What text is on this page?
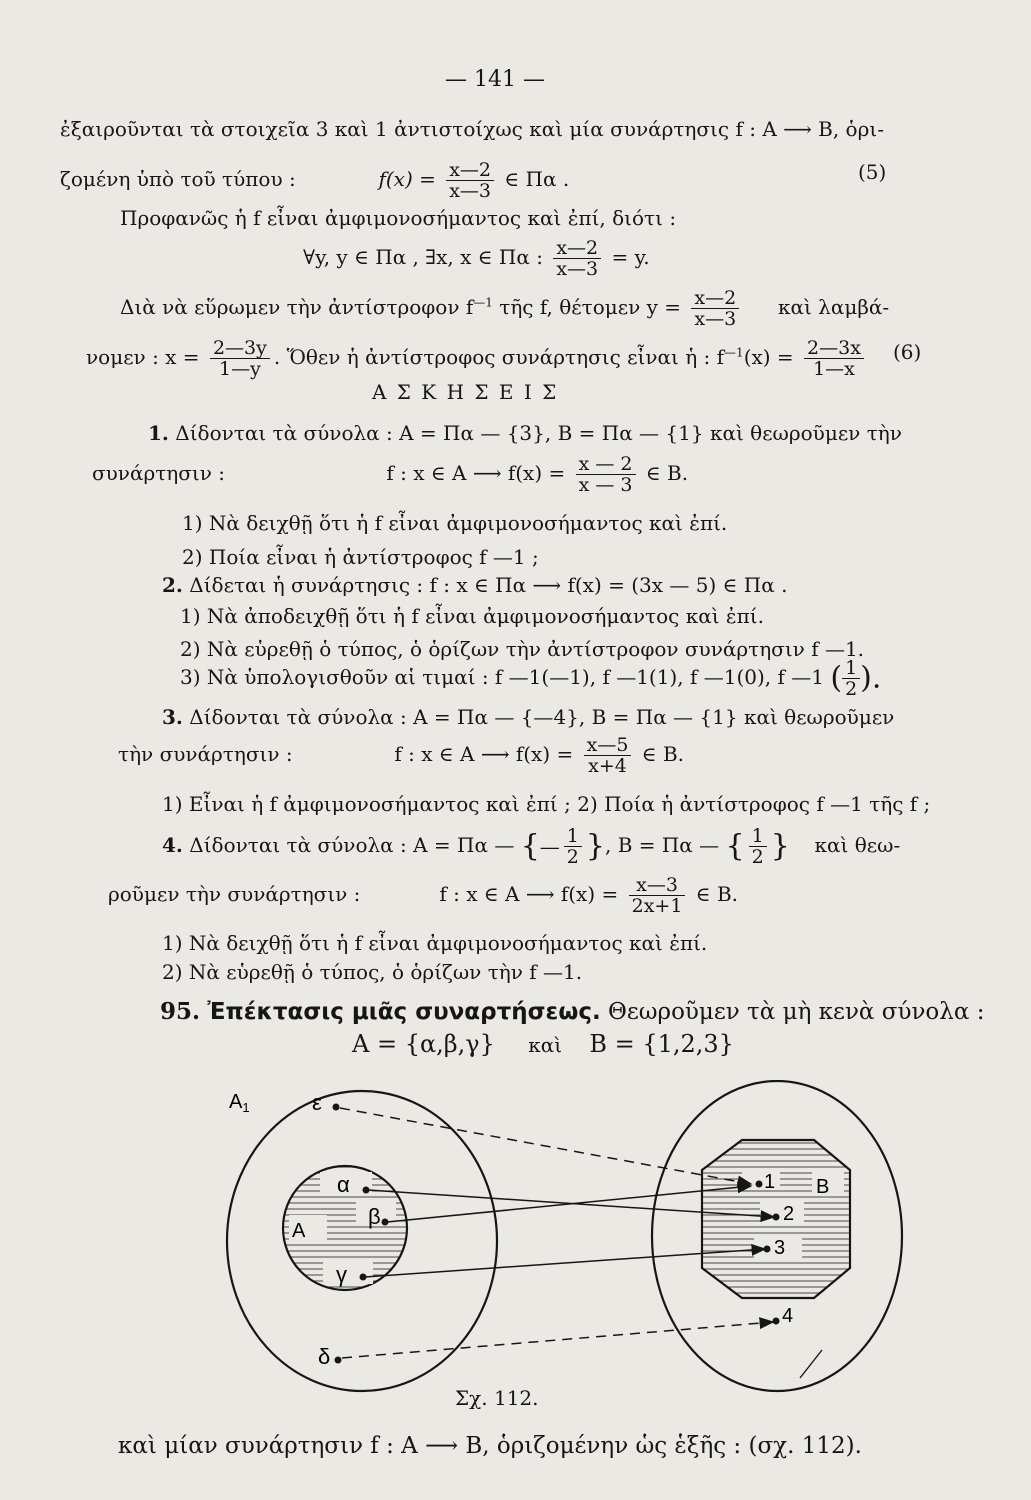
— 141 —
ἐξαιροῦνται τὰ στοιχεῖα 3 καὶ 1 ἀντιστοίχως καὶ μία συνάρτησις f : A ⟶ B, ὁρι-
ζομένη ὑπὸ τοῦ τύπου :	$f(x) = \frac{x—2}{x—3}$ ∈ Πα .	(5)
Προφανῶς ἡ f εἶναι ἀμφιμονοσήμαντος καὶ ἐπί, διότι :
∀y, y ∈ Πα , ∃x, x ∈ Πα : $\frac{x—2}{x—3} = y$.
Διὰ νὰ εὕρωμεν τὴν ἀντίστροφον $f^{—1}$ τῆς f, θέτομεν $y = \frac{x—2}{x—3}$ καὶ λαμβά-
νομεν : $x = \frac{2—3y}{1—y}$ . Ὅθεν ἡ ἀντίστροφος συνάρτησις εἶναι ἡ : $f^{—1}(x) = \frac{2—3x}{1—x} (6)$
Α Σ Κ Η Σ Ε Ι Σ
1. Δίδονται τὰ σύνολα : A = Πα — {3}, B = Πα — {1} καὶ θεωροῦμεν τὴν
συνάρτησιν :	f : x ∈ A ⟶ $f(x) = \frac{x — 2}{x — 3}$ ∈ B.
1) Νὰ δειχθῇ ὅτι ἡ f εἶναι ἀμφιμονοσήμαντος καὶ ἐπί.
2) Ποία εἶναι ἡ ἀντίστροφος f —1 ;
2. Δίδεται ἡ συνάρτησις : f : x ∈ Πα ⟶ f(x) = (3x — 5) ∈ Πα .
1) Νὰ ἀποδειχθῇ ὅτι ἡ f εἶναι ἀμφιμονοσήμαντος καὶ ἐπί.
2) Νὰ εὑρεθῇ ὁ τύπος, ὁ ὁρίζων τὴν ἀντίστροφον συνάρτησιν f —1.
3) Νὰ ὑπολογισθοῦν αἱ τιμαί : f —1(—1), f —1(1), f —1(0), f —1 ( $\frac{1}{2}$ ).
3. Δίδονται τὰ σύνολα : A = Πα — {—4}, B = Πα — {1} καὶ θεωροῦμεν
τὴν συνάρτησιν :	f : x ∈ A ⟶ $f(x) = \frac{x—5}{x+4}$ ∈ B.
1) Εἶναι ἡ f ἀμφιμονοσήμαντος καὶ ἐπί ; 2) Ποία ἡ ἀντίστροφος f —1 τῆς f ;
4. Δίδονται τὰ σύνολα : A = Πα — {— $\frac{1}{2}$ }, B = Πα — { $\frac{1}{2}$ } καὶ θεω-
ρoῦμεν τὴν συνάρτησιν :	f : x ∈ A ⟶ $f(x) = \frac{x—3}{2x+1}$ ∈ B.
1) Νὰ δειχθῇ ὅτι ἡ f εἶναι ἀμφιμονοσήμαντος καὶ ἐπί.
2) Νὰ εὑρεθῇ ὁ τύπος, ὁ ὁρίζων τὴν f —1.
95. Ἐπέκτασις μιᾶς συναρτήσεως. Θεωροῦμεν τὰ μὴ κενὰ σύνολα :
A = {α,β,γ} καὶ B = {1,2,3}
$A_1$
A
B
ε
α
β
γ
δ
1
2
3
4
Σχ. 112.
καὶ μίαν συνάρτησιν f : A ⟶ B, ὁριζομένην ὡς ἑξῆς : (σχ. 112).
